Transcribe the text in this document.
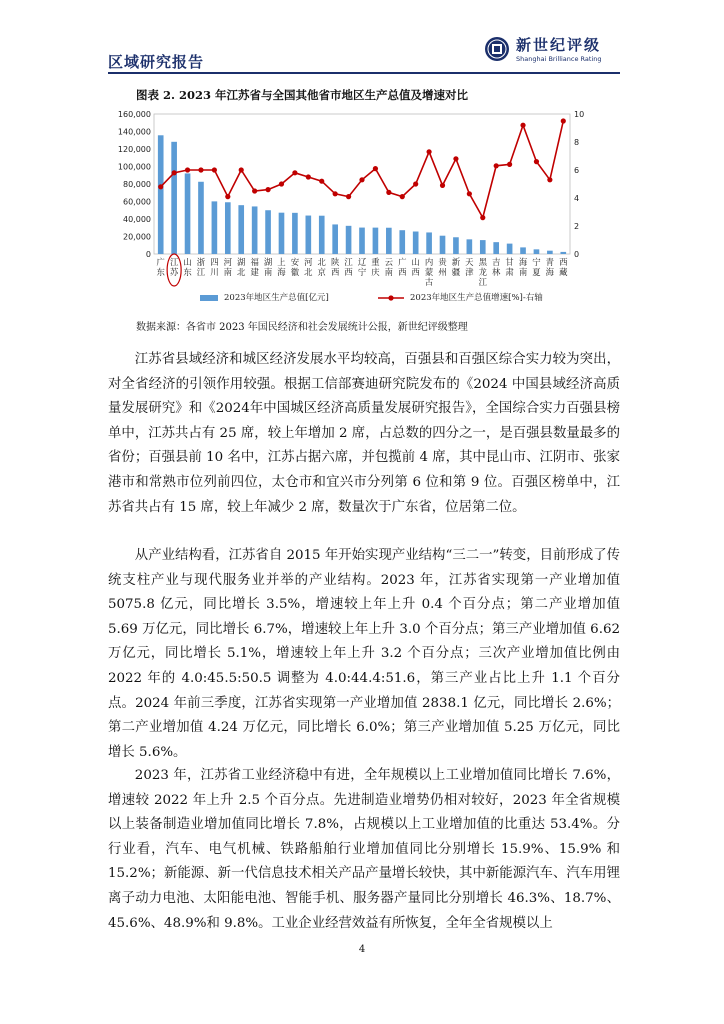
区域研究报告
新世纪评级
Shanghai Brilliance Rating
图表 2. 2023 年江苏省与全国其他省市地区生产总值及增速对比
0
20,000
40,000
60,000
80,000
100,000
120,000
140,000
160,000
0
2
4
6
8
10
广东
江苏
山东
浙江
四川
河南
湖北
福建
湖南
上海
安徽
河北
北京
陕西
江西
辽宁
重庆
云南
广西
山西
内蒙古
贵州
新疆
天津
黑龙江
吉林
甘肃
海南
宁夏
青海
西藏
2023年地区生产总值[亿元]	2023年地区生产总值增速[%]-右轴
数据来源：各省市 2023 年国民经济和社会发展统计公报，新世纪评级整理

江苏省县域经济和城区经济发展水平均较高，百强县和百强区综合实力较为突出，对全省经济的引领作用较强。根据工信部赛迪研究院发布的《2024 中国县域经济高质量发展研究》和《2024年中国城区经济高质量发展研究报告》，全国综合实力百强县榜单中，江苏共占有 25 席，较上年增加 2 席，占总数的四分之一，是百强县数量最多的省份；百强县前 10 名中，江苏占据六席，并包揽前 4 席，其中昆山市、江阴市、张家港市和常熟市位列前四位，太仓市和宜兴市分列第 6 位和第 9 位。百强区榜单中，江苏省共占有 15 席，较上年减少 2 席，数量次于广东省，位居第二位。

从产业结构看，江苏省自 2015 年开始实现产业结构“三二一”转变，目前形成了传统支柱产业与现代服务业并举的产业结构。2023 年，江苏省实现第一产业增加值 5075.8 亿元，同比增长 3.5%，增速较上年上升 0.4 个百分点；第二产业增加值 5.69 万亿元，同比增长 6.7%，增速较上年上升 3.0 个百分点；第三产业增加值 6.62 万亿元，同比增长 5.1%，增速较上年上升 3.2 个百分点；三次产业增加值比例由 2022 年的 4.0:45.5:50.5 调整为 4.0:44.4:51.6，第三产业占比上升 1.1 个百分点。2024 年前三季度，江苏省实现第一产业增加值 2838.1 亿元，同比增长 2.6%；第二产业增加值 4.24 万亿元，同比增长 6.0%；第三产业增加值 5.25 万亿元，同比增长 5.6%。

2023 年，江苏省工业经济稳中有进，全年规模以上工业增加值同比增长 7.6%，增速较 2022 年上升 2.5 个百分点。先进制造业增势仍相对较好，2023 年全省规模以上装备制造业增加值同比增长 7.8%，占规模以上工业增加值的比重达 53.4%。分行业看，汽车、电气机械、铁路船舶行业增加值同比分别增长 15.9%、15.9% 和 15.2%；新能源、新一代信息技术相关产品产量增长较快，其中新能源汽车、汽车用锂离子动力电池、太阳能电池、智能手机、服务器产量同比分别增长 46.3%、18.7%、45.6%、48.9%和 9.8%。工业企业经营效益有所恢复，全年全省规模以上

4
